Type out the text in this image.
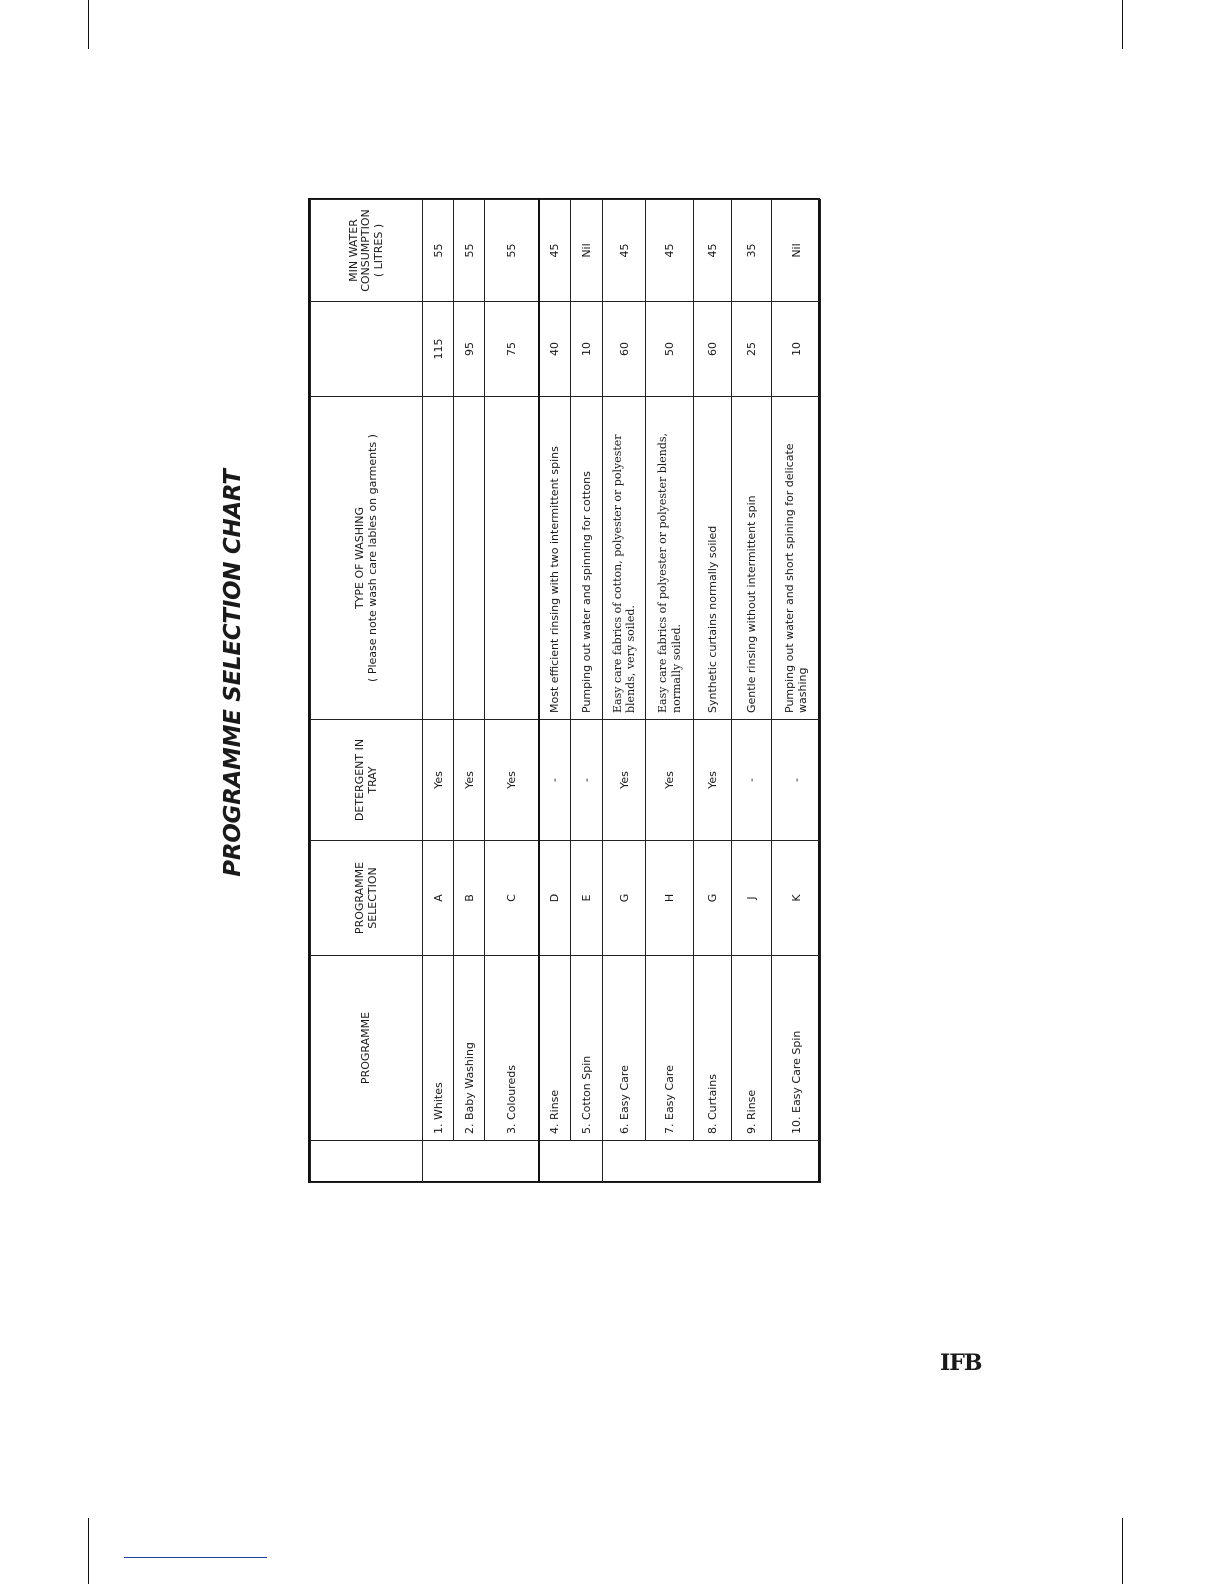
PROGRAMME SELECTION CHART
	PROGRAMME	PROGRAMME SELECTION	DETERGENT IN TRAY	TYPE OF WASHING ( Please note wash care lables on garments )		MIN WATER CONSUMPTION ( LITRES )
	1. Whites	A	Yes		115	55
	2. Baby Washing	B	Yes		95	55
	3. Coloureds	C	Yes		75	55
	4. Rinse	D	-	Most efficient rinsing with two intermittent spins	40	45
	5. Cotton Spin	E	-	Pumping out water and spinning for cottons	10	Nil
	6. Easy Care	G	Yes	Easy care fabrics of cotton, polyester or polyester blends, very soiled.	60	45
	7. Easy Care	H	Yes	Easy care fabrics of polyester or polyester blends, normally soiled.	50	45
	8. Curtains	G	Yes	Synthetic curtains normally soiled	60	45
	9. Rinse	J	-	Gentle rinsing without intermittent spin	25	35
	10. Easy Care Spin	K	-	Pumping out water and short spining for delicate washing	10	Nil
IFB
